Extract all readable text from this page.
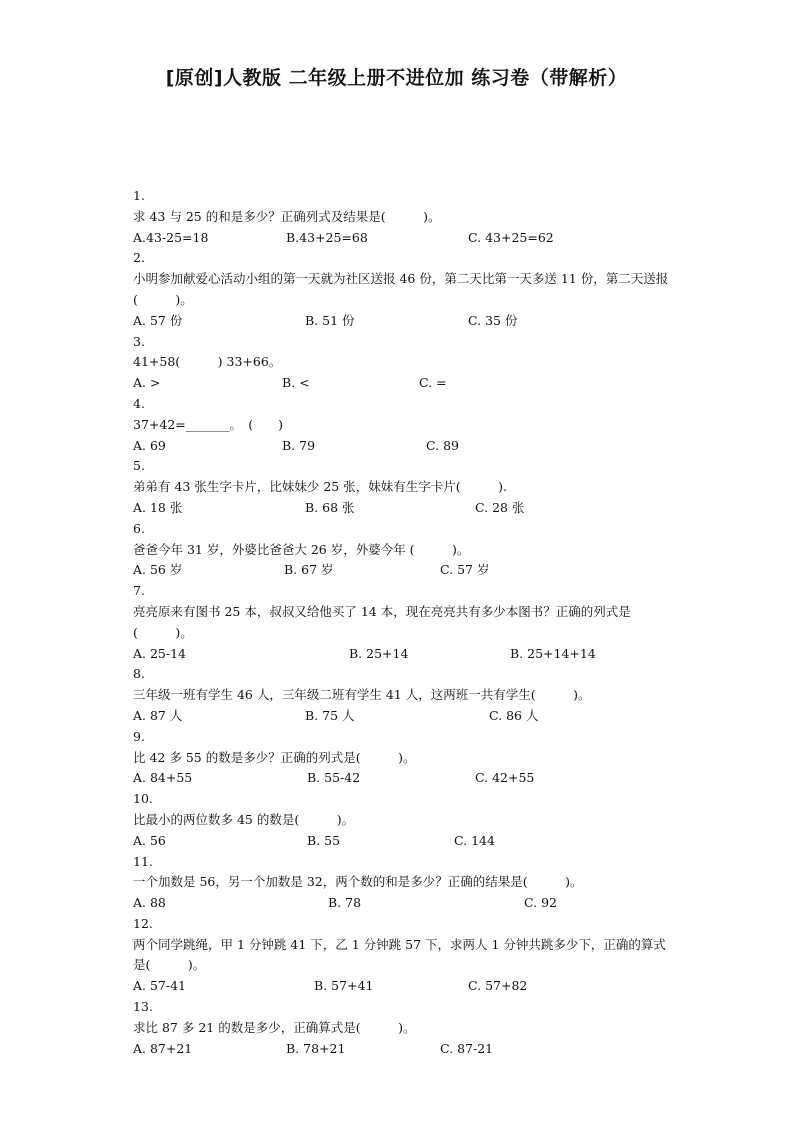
[原创]人教版 二年级上册不进位加 练习卷（带解析）

1.

求 43 与 25 的和是多少？正确列式及结果是(　　　)。

A.43-25=18	B.43+25=68	C. 43+25=62

2.

小明参加献爱心活动小组的第一天就为社区送报 46 份，第二天比第一天多送 11 份，第二天送报(　　　)。

A. 57 份	B. 51 份	C. 35 份

3.

41+58(　　　) 33+66。

A. >	B. <	C. =

4.

37+42=_______。　(　　)

A. 69	B. 79	C. 89

5.

弟弟有 43 张生字卡片，比妹妹少 25 张，妹妹有生字卡片(　　　).

A. 18 张	B. 68 张	C. 28 张

6.

爸爸今年 31 岁，外婆比爸爸大 26 岁，外婆今年 (　　　)。

A. 56 岁	B. 67 岁	C. 57 岁

7.

亮亮原来有图书 25 本，叔叔又给他买了 14 本，现在亮亮共有多少本图书？正确的列式是(　　　)。

A. 25-14	B. 25+14	B. 25+14+14

8.

三年级一班有学生 46 人，三年级二班有学生 41 人，这两班一共有学生(　　　)。

A. 87 人	B. 75 人	C. 86 人

9.

比 42 多 55 的数是多少？正确的列式是(　　　)。

A. 84+55	B. 55-42	C. 42+55

10.

比最小的两位数多 45 的数是(　　　)。

A. 56	B. 55	C. 144

11.

一个加数是 56，另一个加数是 32，两个数的和是多少？正确的结果是(　　　)。

A. 88	B. 78	C. 92

12.

两个同学跳绳，甲 1 分钟跳 41 下，乙 1 分钟跳 57 下，求两人 1 分钟共跳多少下，正确的算式是(　　　)。

A. 57-41	B. 57+41	C. 57+82

13.

求比 87 多 21 的数是多少，正确算式是(　　　)。

A. 87+21	B. 78+21	C. 87-21
